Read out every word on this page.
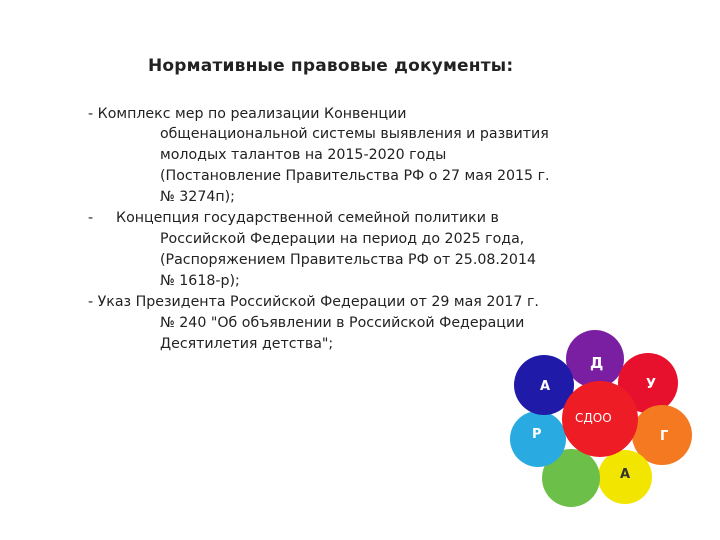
Нормативные правовые документы:
- Комплекс мер по реализации Конвенции
общенациональной системы выявления и развития
молодых талантов на 2015-2020 годы
(Постановление Правительства РФ о 27 мая 2015 г.
№ 3274п);
- Концепция государственной семейной политики в
Российской Федерации на период до 2025 года,
(Распоряжением Правительства РФ от 25.08.2014
№ 1618-р);
- Указ Президента Российской Федерации от 29 мая 2017 г.
№ 240 "Об объявлении в Российской Федерации
Десятилетия детства";
Д
У
Г
А
Р
А
СДОО
